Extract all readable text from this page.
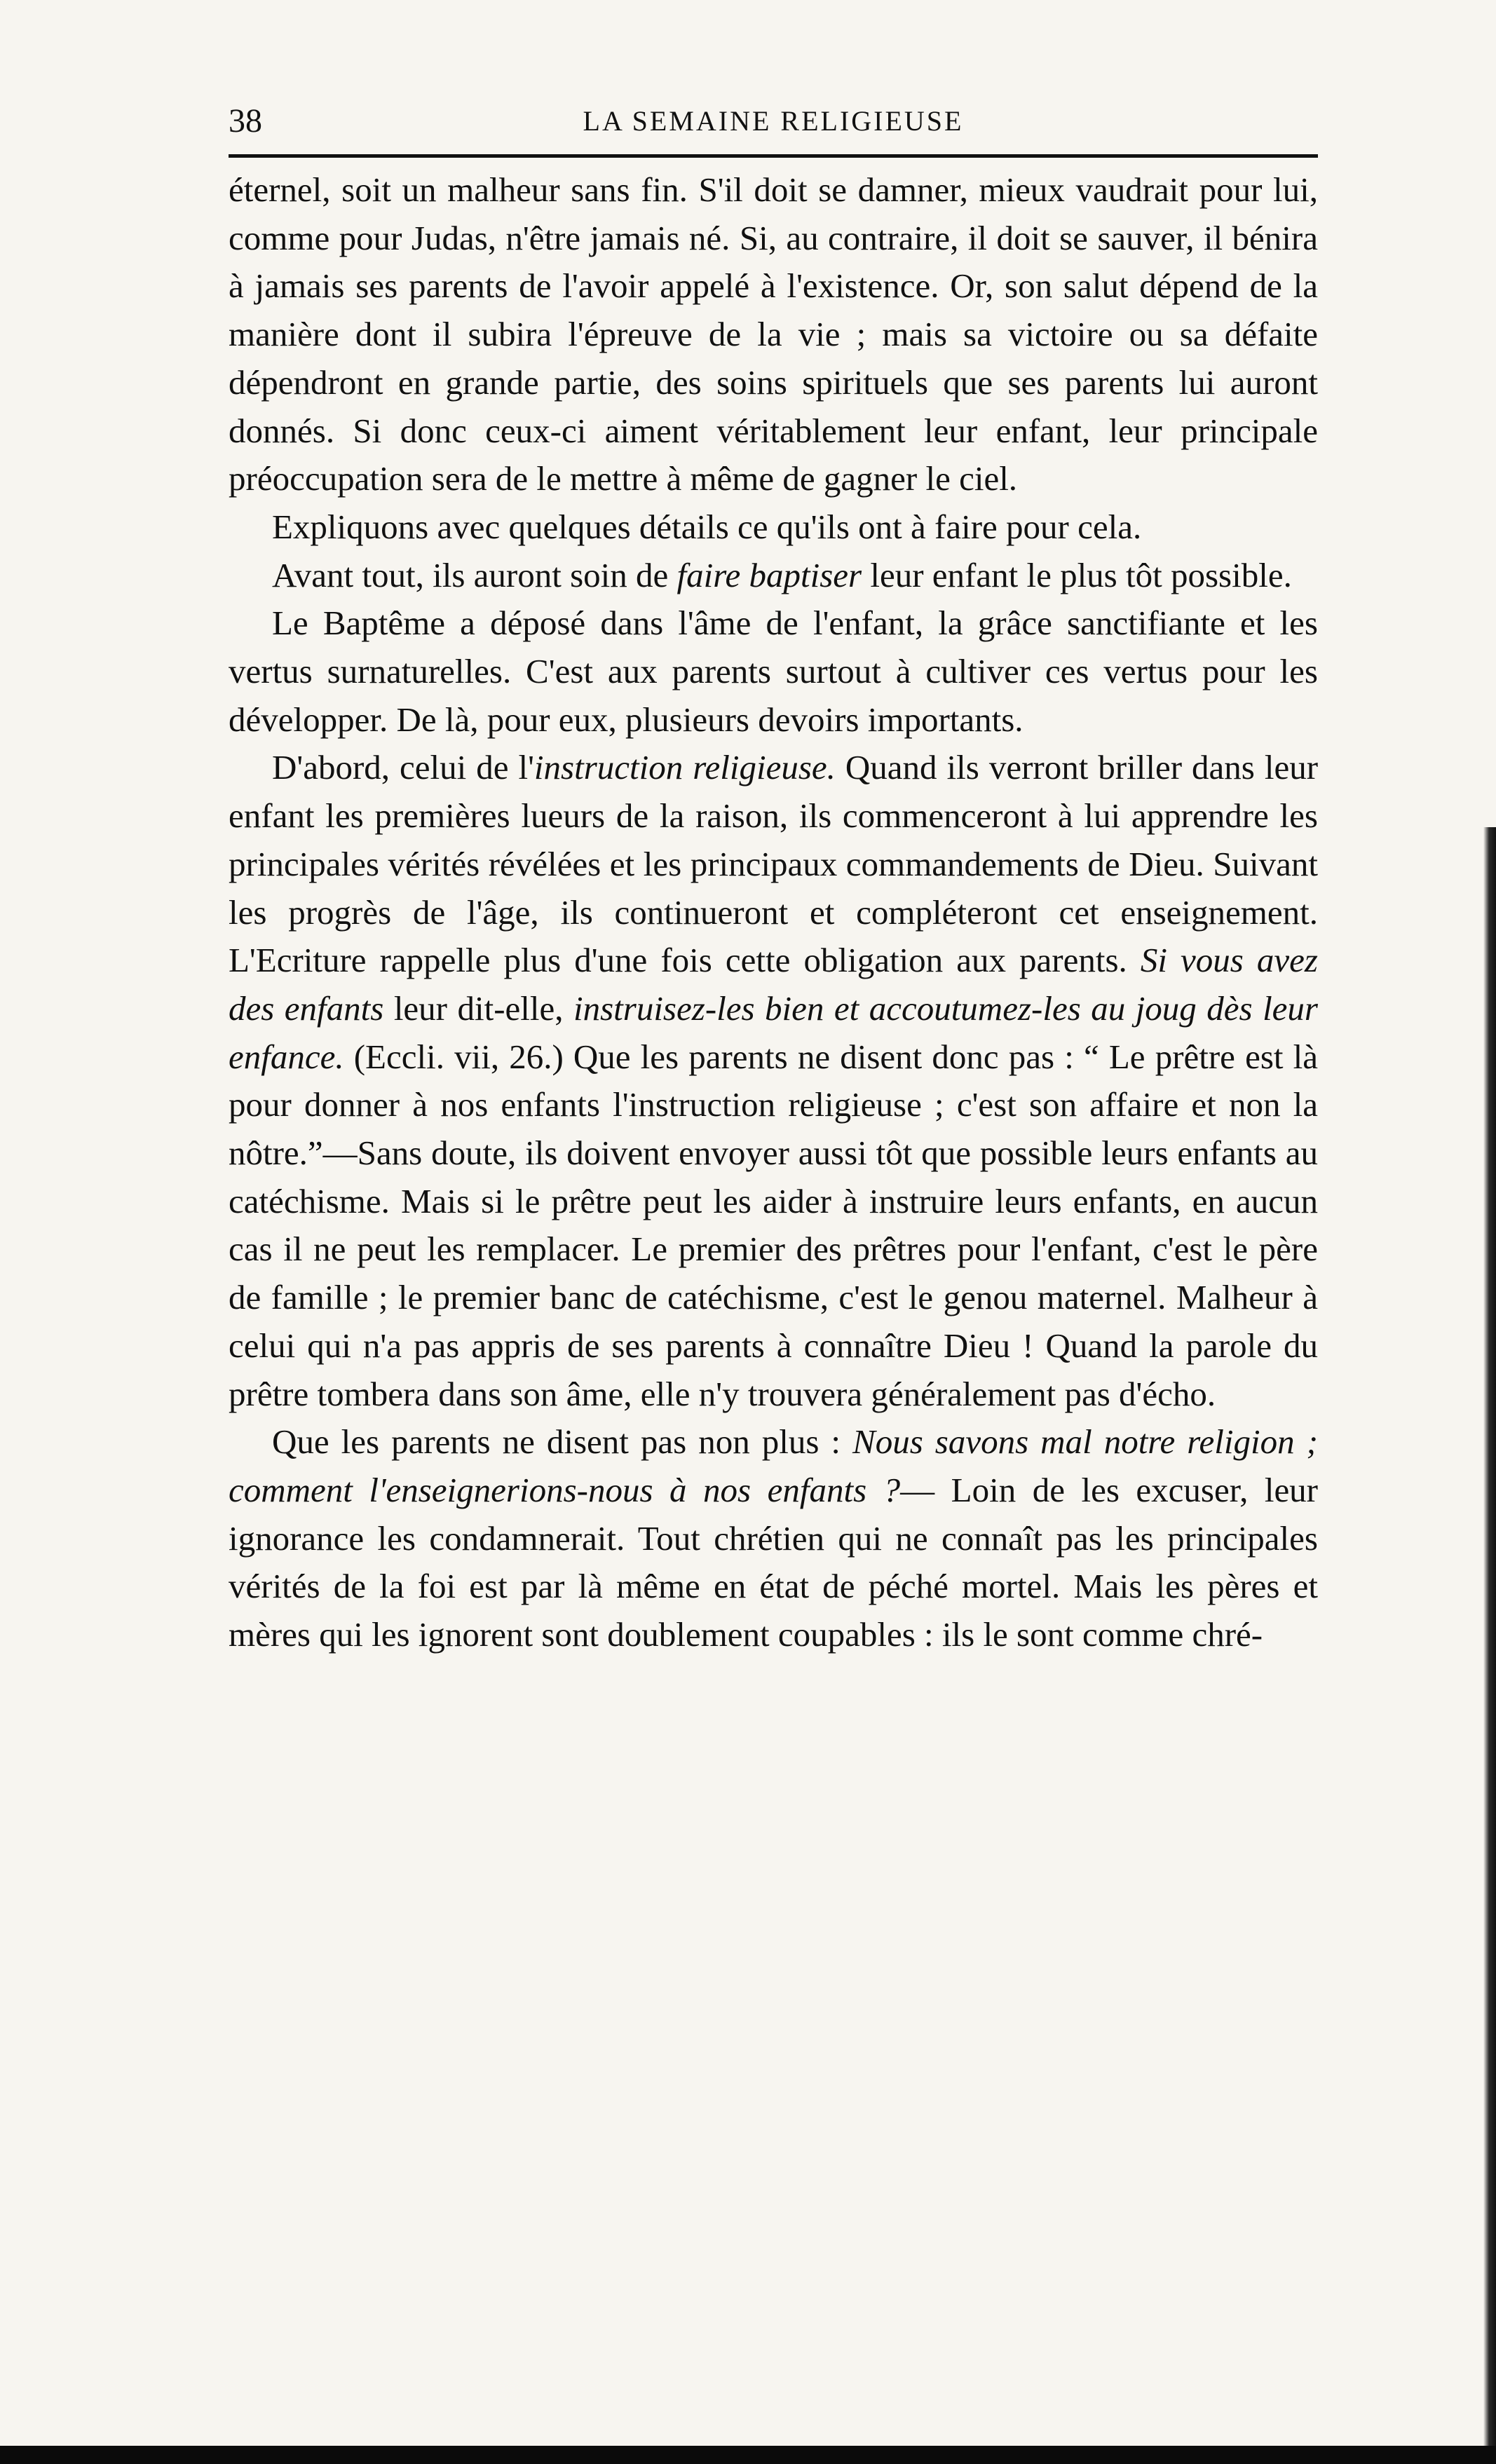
38	LA SEMAINE RELIGIEUSE

éternel, soit un malheur sans fin. S'il doit se damner, mieux vaudrait pour lui, comme pour Judas, n'être jamais né. Si, au contraire, il doit se sauver, il bénira à jamais ses parents de l'avoir appelé à l'existence. Or, son salut dépend de la manière dont il subira l'épreuve de la vie ; mais sa victoire ou sa défaite dépendront en grande partie, des soins spirituels que ses parents lui auront donnés. Si donc ceux-ci aiment véritablement leur enfant, leur principale préoccupation sera de le mettre à même de gagner le ciel.

Expliquons avec quelques détails ce qu'ils ont à faire pour cela.

Avant tout, ils auront soin de faire baptiser leur enfant le plus tôt possible.

Le Baptême a déposé dans l'âme de l'enfant, la grâce sanctifiante et les vertus surnaturelles. C'est aux parents surtout à cultiver ces vertus pour les développer. De là, pour eux, plusieurs devoirs importants.

D'abord, celui de l'instruction religieuse. Quand ils verront briller dans leur enfant les premières lueurs de la raison, ils commenceront à lui apprendre les principales vérités révélées et les principaux commandements de Dieu. Suivant les progrès de l'âge, ils continueront et compléteront cet enseignement. L'Ecriture rappelle plus d'une fois cette obligation aux parents. Si vous avez des enfants leur dit-elle, instruisez-les bien et accoutumez-les au joug dès leur enfance. (Eccli. vii, 26.) Que les parents ne disent donc pas : “ Le prêtre est là pour donner à nos enfants l'instruction religieuse ; c'est son affaire et non la nôtre.”—Sans doute, ils doivent envoyer aussi tôt que possible leurs enfants au catéchisme. Mais si le prêtre peut les aider à instruire leurs enfants, en aucun cas il ne peut les remplacer. Le premier des prêtres pour l'enfant, c'est le père de famille ; le premier banc de catéchisme, c'est le genou maternel. Malheur à celui qui n'a pas appris de ses parents à connaître Dieu ! Quand la parole du prêtre tombera dans son âme, elle n'y trouvera généralement pas d'écho.

Que les parents ne disent pas non plus : Nous savons mal notre religion ; comment l'enseignerions-nous à nos enfants ?— Loin de les excuser, leur ignorance les condamnerait. Tout chrétien qui ne connaît pas les principales vérités de la foi est par là même en état de péché mortel. Mais les pères et mères qui les ignorent sont doublement coupables : ils le sont comme chré-
